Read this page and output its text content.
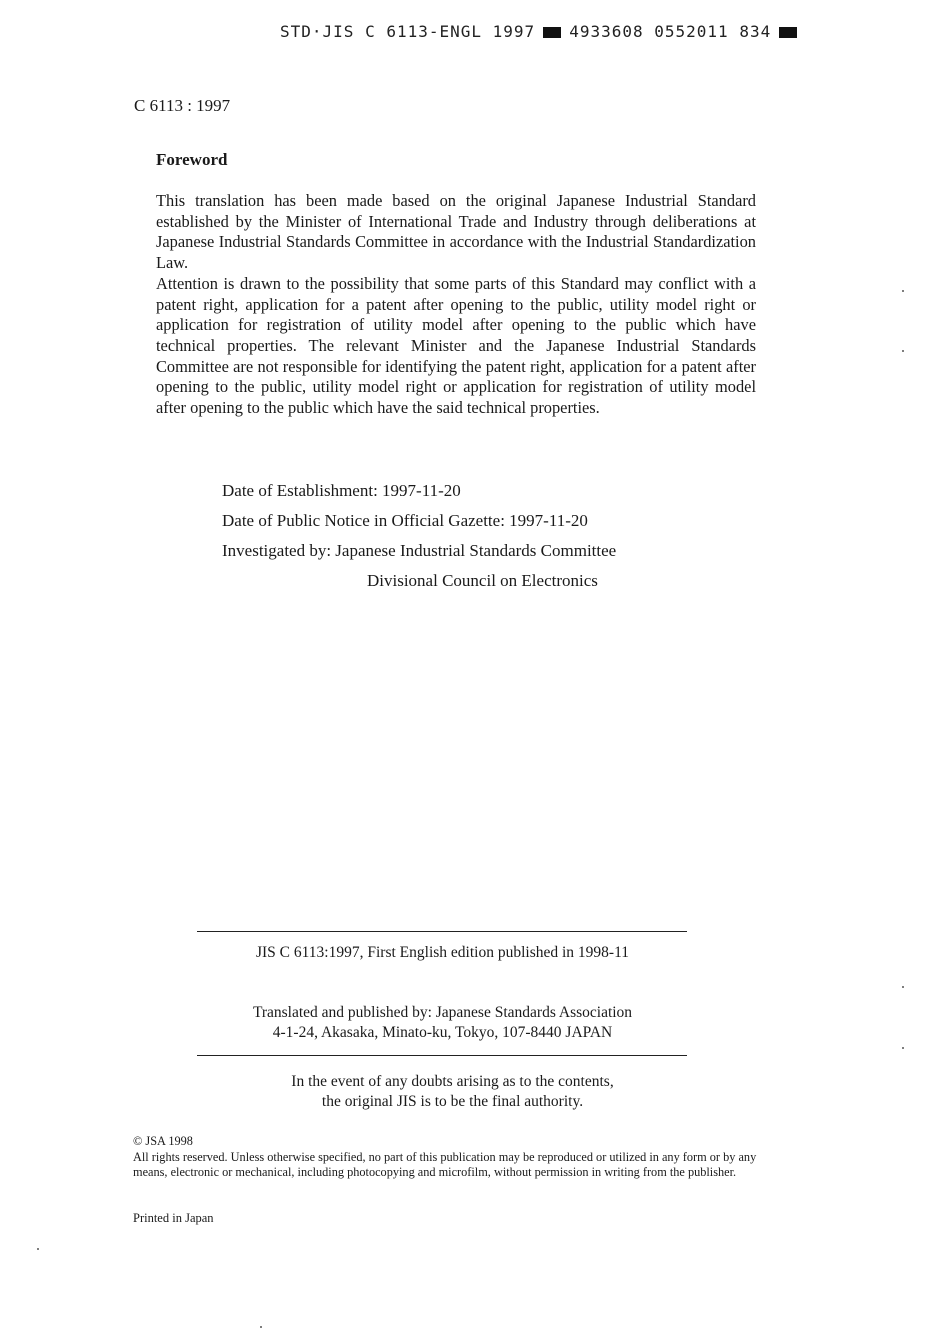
STD·JIS C 6113-ENGL 1997 4933608 0552011 834
C 6113 : 1997
Foreword

This translation has been made based on the original Japanese Industrial Standard established by the Minister of International Trade and Industry through deliberations at Japanese Industrial Standards Committee in accordance with the Industrial Standardization Law.

Attention is drawn to the possibility that some parts of this Standard may conflict with a patent right, application for a patent after opening to the public, utility model right or application for registration of utility model after opening to the public which have technical properties. The relevant Minister and the Japanese Industrial Standards Committee are not responsible for identifying the patent right, application for a patent after opening to the public, utility model right or application for registration of utility model after opening to the public which have the said technical properties.

Date of Establishment: 1997-11-20
Date of Public Notice in Official Gazette: 1997-11-20
Investigated by: Japanese Industrial Standards Committee
Divisional Council on Electronics
JIS C 6113:1997, First English edition published in 1998-11
Translated and published by: Japanese Standards Association
4-1-24, Akasaka, Minato-ku, Tokyo, 107-8440 JAPAN
In the event of any doubts arising as to the contents,
the original JIS is to be the final authority.
© JSA 1998
All rights reserved. Unless otherwise specified, no part of this publication may be reproduced or utilized in any form or by any means, electronic or mechanical, including photocopying and microfilm, without permission in writing from the publisher.
Printed in Japan
